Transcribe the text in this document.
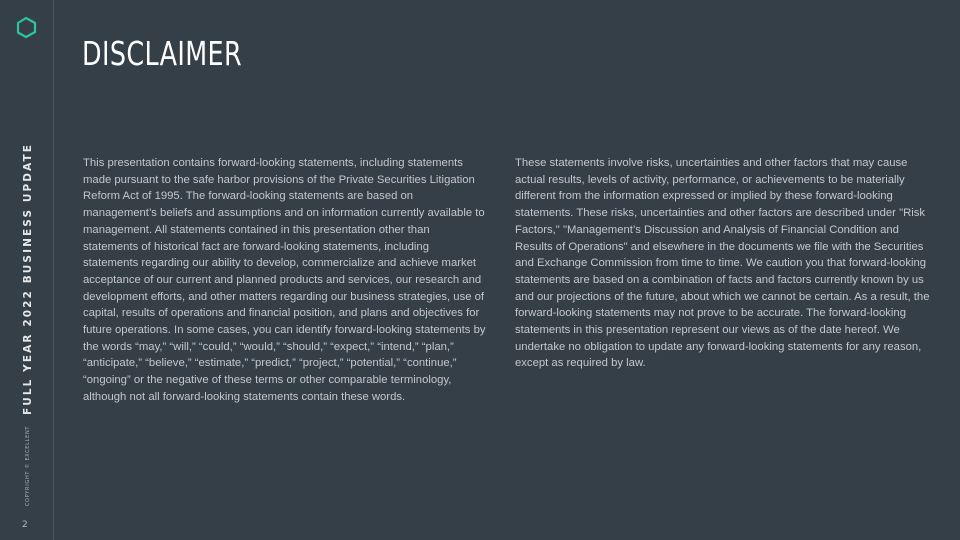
FULL YEAR 2022 BUSINESS UPDATE
COPYRIGHT © EXCELLENT
2
DISCLAIMER

This presentation contains forward-looking statements, including statements made pursuant to the safe harbor provisions of the Private Securities Litigation Reform Act of 1995. The forward-looking statements are based on management’s beliefs and assumptions and on information currently available to management. All statements contained in this presentation other than statements of historical fact are forward-looking statements, including statements regarding our ability to develop, commercialize and achieve market acceptance of our current and planned products and services, our research and development efforts, and other matters regarding our business strategies, use of capital, results of operations and financial position, and plans and objectives for future operations. In some cases, you can identify forward-looking statements by the words “may,” “will,” “could,” “would,” “should,” “expect,” “intend,” “plan,” “anticipate,” “believe,” “estimate,” “predict,” “project,” “potential,” “continue,” “ongoing” or the negative of these terms or other comparable terminology, although not all forward-looking statements contain these words.

These statements involve risks, uncertainties and other factors that may cause actual results, levels of activity, performance, or achievements to be materially different from the information expressed or implied by these forward-looking statements. These risks, uncertainties and other factors are described under "Risk Factors," "Management’s Discussion and Analysis of Financial Condition and Results of Operations" and elsewhere in the documents we file with the Securities and Exchange Commission from time to time. We caution you that forward-looking statements are based on a combination of facts and factors currently known by us and our projections of the future, about which we cannot be certain. As a result, the forward-looking statements may not prove to be accurate. The forward-looking statements in this presentation represent our views as of the date hereof. We undertake no obligation to update any forward-looking statements for any reason, except as required by law.
